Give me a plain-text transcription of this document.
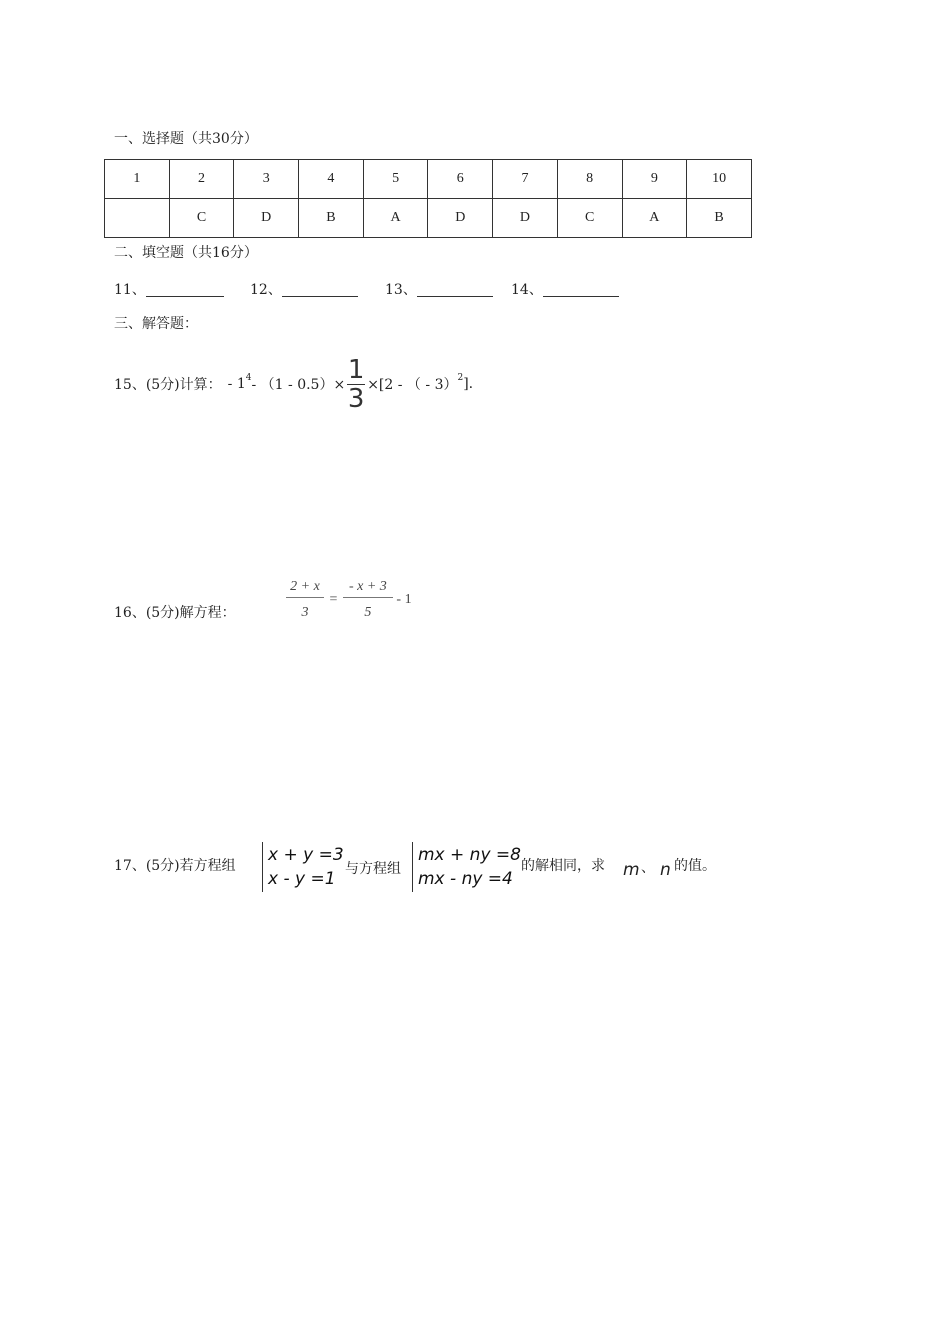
一、选择题（共30分）
1	2	3	4	5	6	7	8	9	10
	C	D	B	A	D	D	C	A	B
二、填空题（共16分）
11、	12、	13、	14、
三、解答题：
15、(5分)计算： - $1^4 - (1 - 0.5)\times \frac{1}{3} \times[2$ - （ - 3）$^2$ ].
16、(5分)解方程：	$\frac{2 + x}{3} = \frac{- x + 3}{5} - 1$
17、(5分)若方程组
x + y =3
x - y =1 与方程组
mx + ny =8
mx - ny =4
的解相同，求 m 、 n 的值。
